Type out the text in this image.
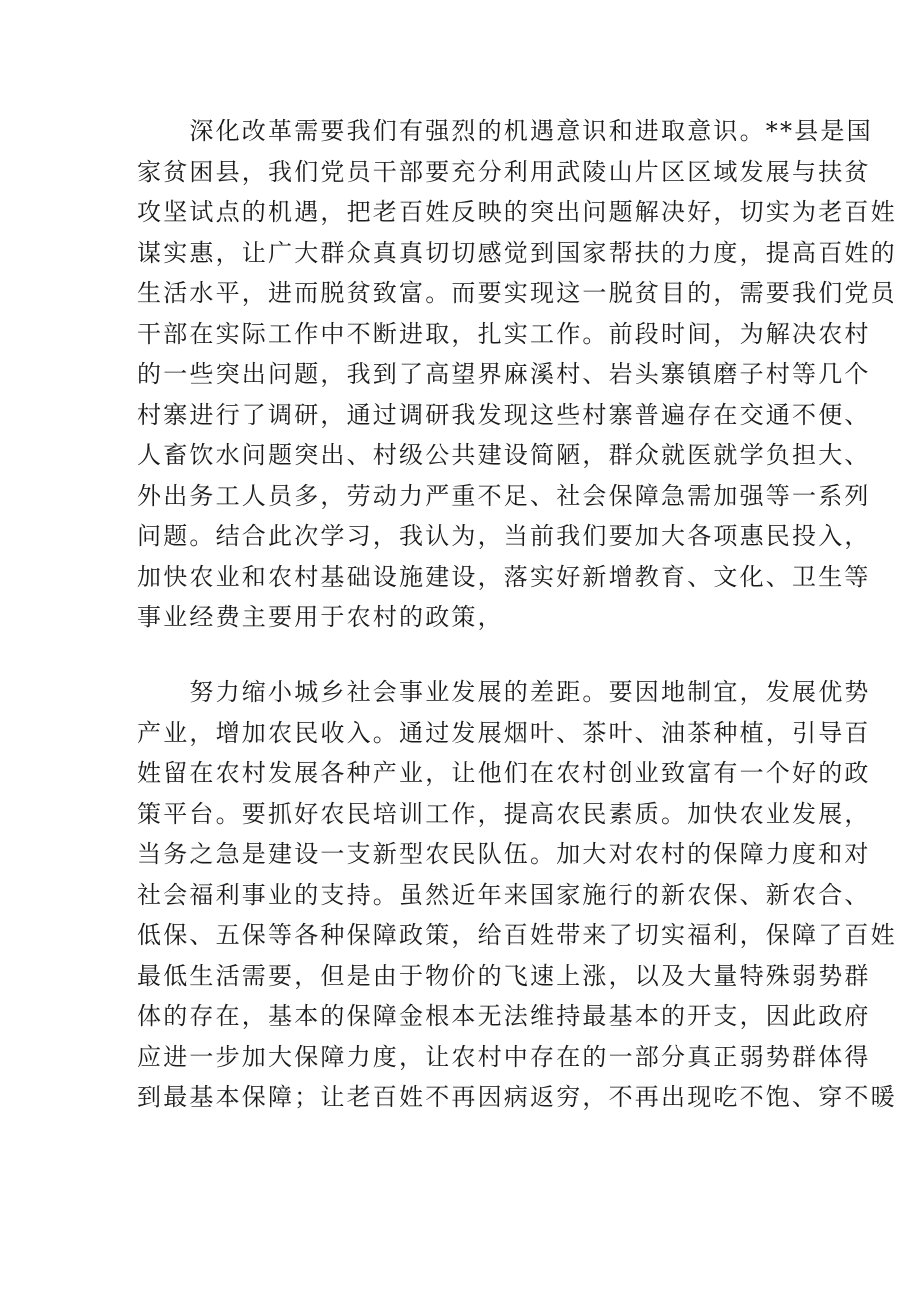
　　深化改革需要我们有强烈的机遇意识和进取意识。**县是国
家贫困县，我们党员干部要充分利用武陵山片区区域发展与扶贫
攻坚试点的机遇，把老百姓反映的突出问题解决好，切实为老百姓
谋实惠，让广大群众真真切切感觉到国家帮扶的力度，提高百姓的
生活水平，进而脱贫致富。而要实现这一脱贫目的，需要我们党员
干部在实际工作中不断进取，扎实工作。前段时间，为解决农村
的一些突出问题，我到了高望界麻溪村、岩头寨镇磨子村等几个
村寨进行了调研，通过调研我发现这些村寨普遍存在交通不便、
人畜饮水问题突出、村级公共建设简陋，群众就医就学负担大、
外出务工人员多，劳动力严重不足、社会保障急需加强等一系列
问题。结合此次学习，我认为，当前我们要加大各项惠民投入，
加快农业和农村基础设施建设，落实好新增教育、文化、卫生等
事业经费主要用于农村的政策，
　　努力缩小城乡社会事业发展的差距。要因地制宜，发展优势
产业，增加农民收入。通过发展烟叶、茶叶、油茶种植，引导百
姓留在农村发展各种产业，让他们在农村创业致富有一个好的政
策平台。要抓好农民培训工作，提高农民素质。加快农业发展，
当务之急是建设一支新型农民队伍。加大对农村的保障力度和对
社会福利事业的支持。虽然近年来国家施行的新农保、新农合、
低保、五保等各种保障政策，给百姓带来了切实福利，保障了百姓
最低生活需要，但是由于物价的飞速上涨，以及大量特殊弱势群
体的存在，基本的保障金根本无法维持最基本的开支，因此政府
应进一步加大保障力度，让农村中存在的一部分真正弱势群体得
到最基本保障；让老百姓不再因病返穷，不再出现吃不饱、穿不暖
